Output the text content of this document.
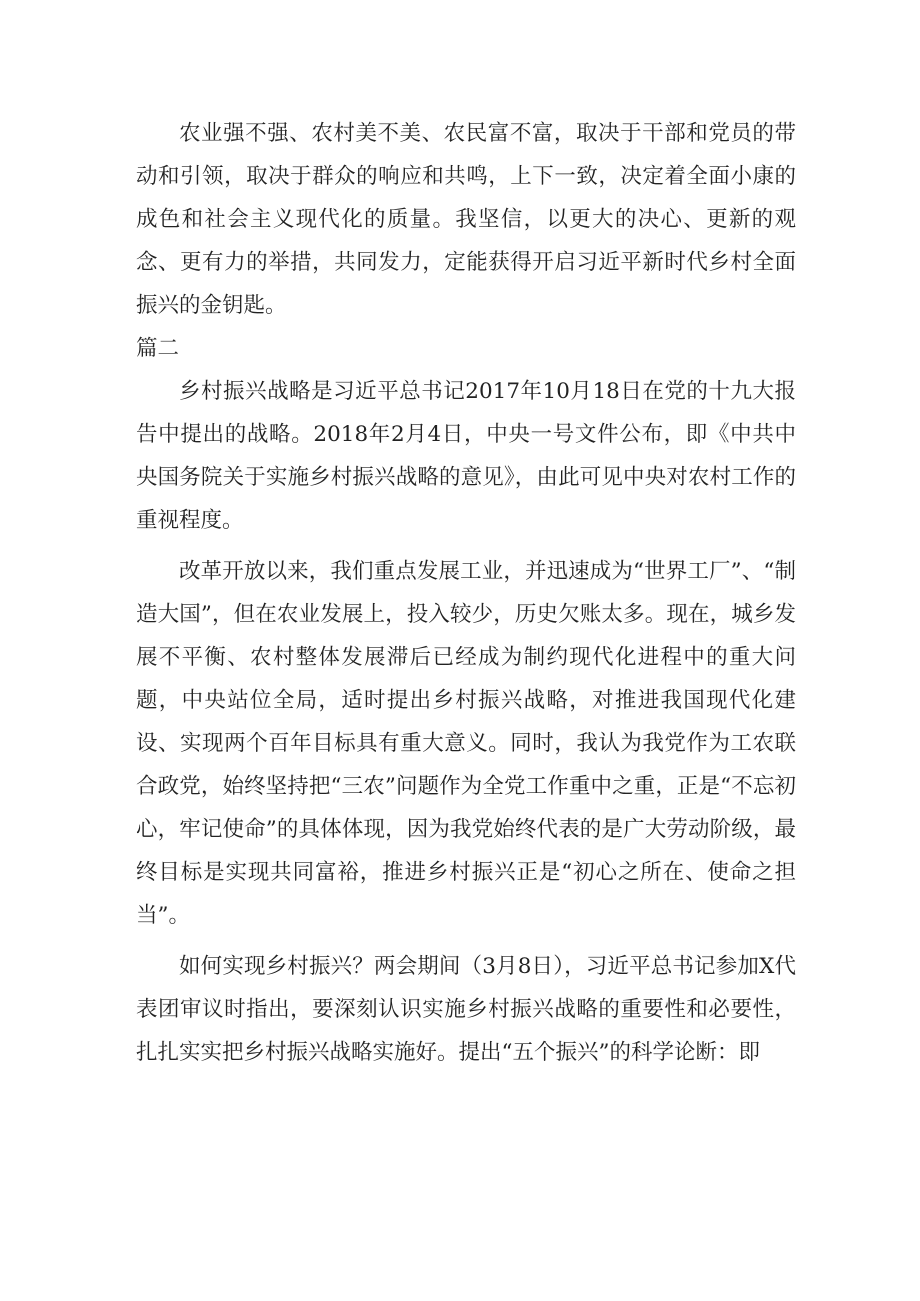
农业强不强、农村美不美、农民富不富，取决于干部和党员的带动和引领，取决于群众的响应和共鸣，上下一致，决定着全面小康的成色和社会主义现代化的质量。我坚信，以更大的决心、更新的观念、更有力的举措，共同发力，定能获得开启习近平新时代乡村全面振兴的金钥匙。

篇二

乡村振兴战略是习近平总书记2017年10月18日在党的十九大报告中提出的战略。2018年2月4日，中央一号文件公布，即《中共中央国务院关于实施乡村振兴战略的意见》，由此可见中央对农村工作的重视程度。

改革开放以来，我们重点发展工业，并迅速成为“世界工厂”、“制造大国”，但在农业发展上，投入较少，历史欠账太多。现在，城乡发展不平衡、农村整体发展滞后已经成为制约现代化进程中的重大问题，中央站位全局，适时提出乡村振兴战略，对推进我国现代化建设、实现两个百年目标具有重大意义。同时，我认为我党作为工农联合政党，始终坚持把“三农”问题作为全党工作重中之重，正是“不忘初心，牢记使命”的具体体现，因为我党始终代表的是广大劳动阶级，最终目标是实现共同富裕，推进乡村振兴正是“初心之所在、使命之担当”。

如何实现乡村振兴？两会期间（3月8日），习近平总书记参加X代表团审议时指出，要深刻认识实施乡村振兴战略的重要性和必要性，扎扎实实把乡村振兴战略实施好。提出“五个振兴”的科学论断：即
